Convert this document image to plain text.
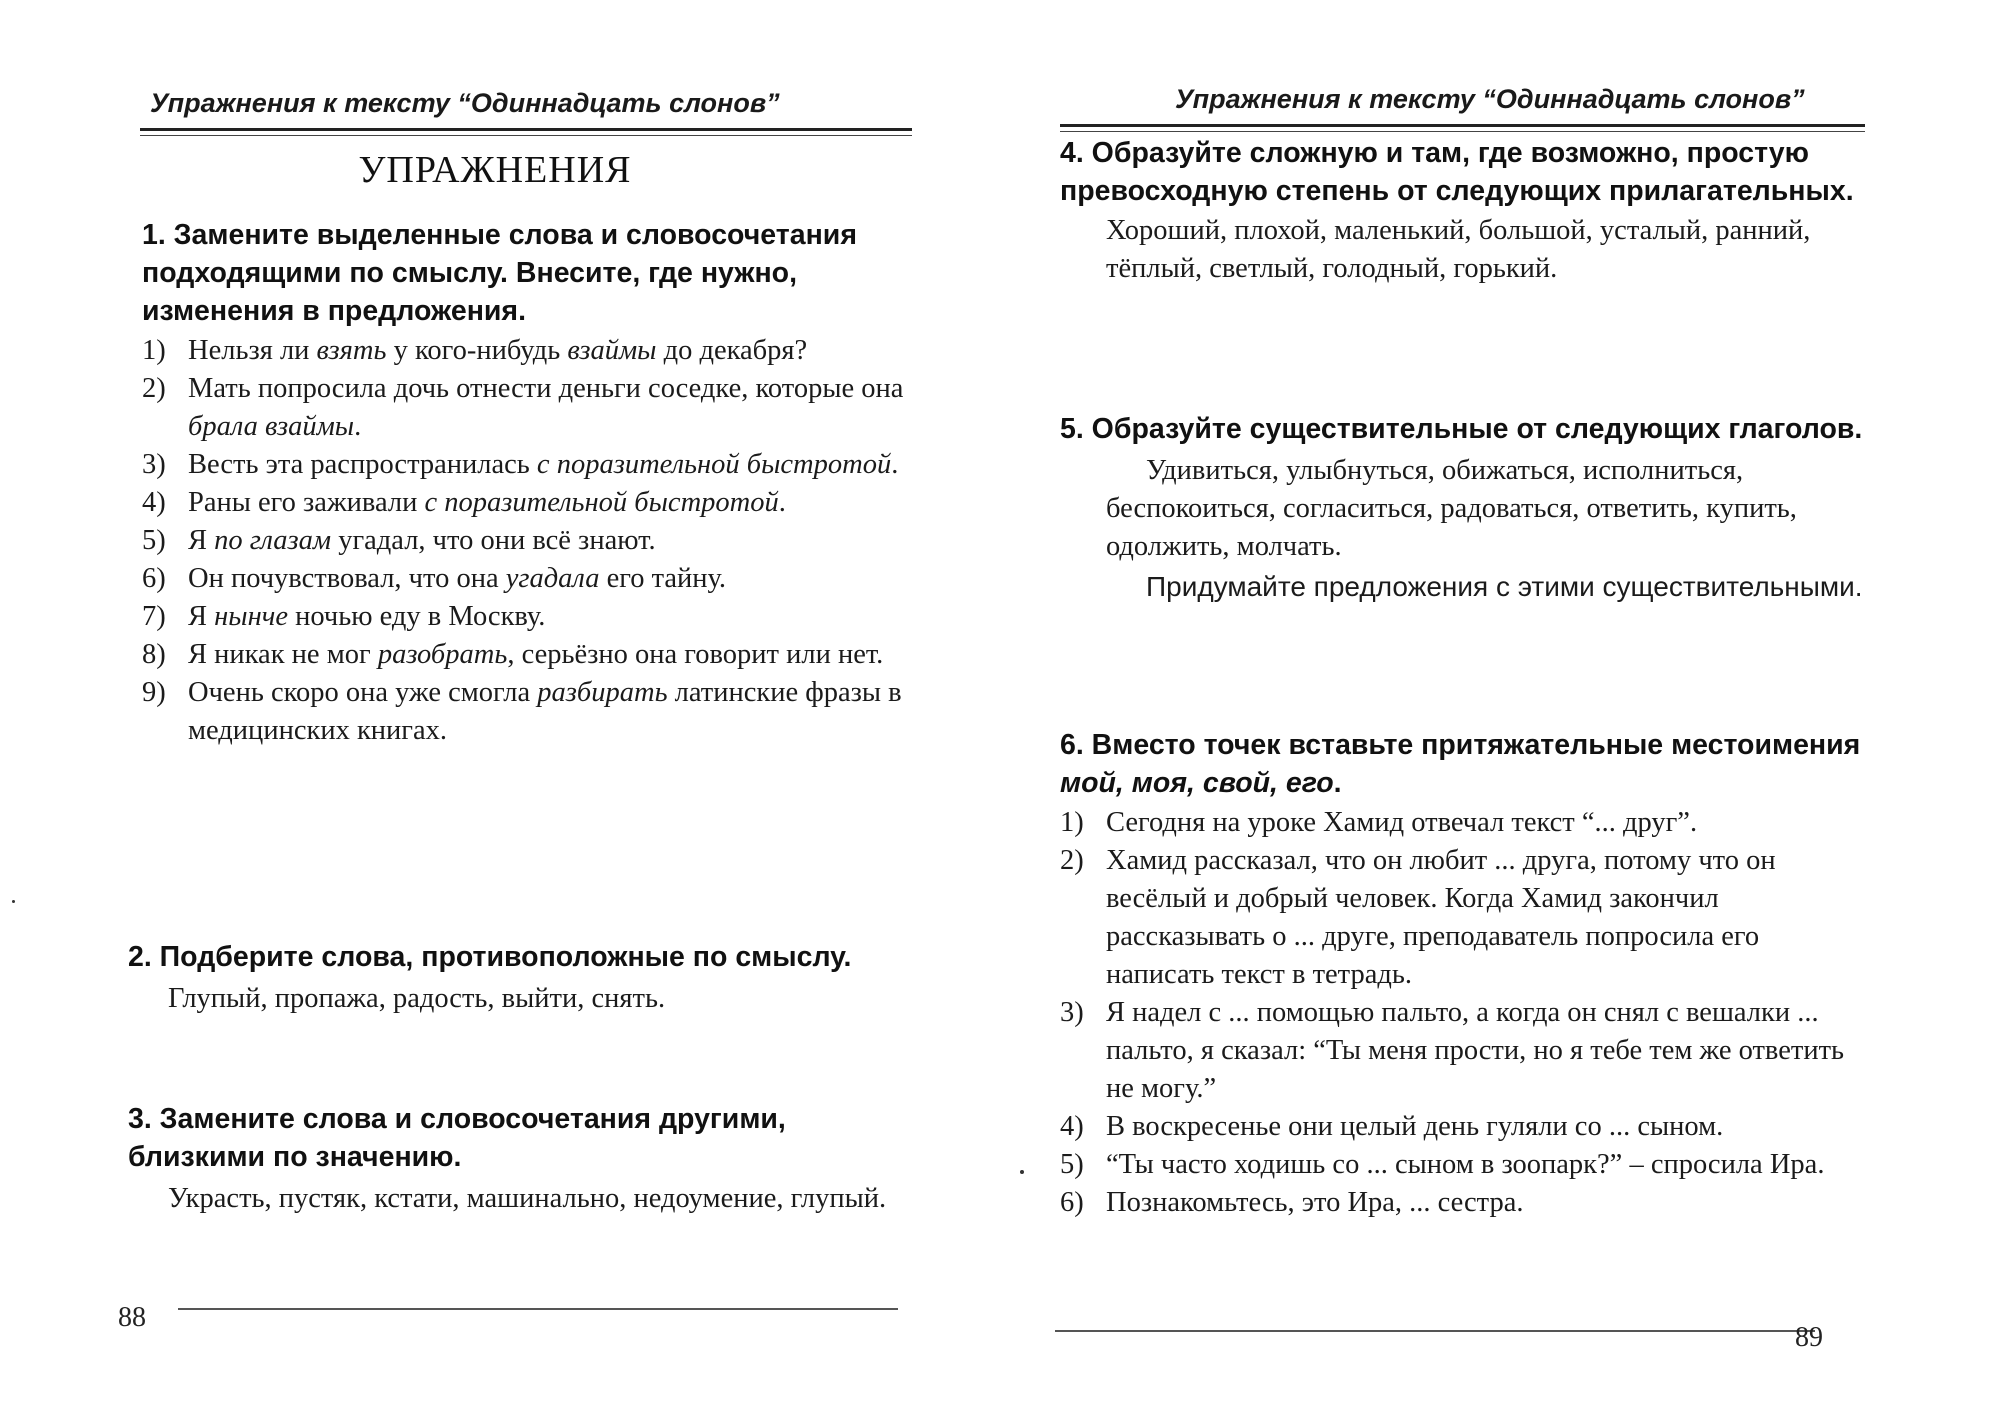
Упражнения к тексту “Одиннадцать слонов”
УПРАЖНЕНИЯ
1. Замените выделенные слова и словосочетания подходящими по смыслу. Внесите, где нужно, изменения в предложения.
1) Нельзя ли взять у кого-нибудь взаймы до декабря?
2) Мать попросила дочь отнести деньги соседке, которые она брала взаймы.
3) Весть эта распространилась с поразительной быстротой.
4) Раны его заживали с поразительной быстротой.
5) Я по глазам угадал, что они всё знают.
6) Он почувствовал, что она угадала его тайну.
7) Я нынче ночью еду в Москву.
8) Я никак не мог разобрать, серьёзно она говорит или нет.
9) Очень скоро она уже смогла разбирать латинские фразы в медицинских книгах.
2. Подберите слова, противоположные по смыслу.
Глупый, пропажа, радость, выйти, снять.
3. Замените слова и словосочетания другими, близкими по значению.
Украсть, пустяк, кстати, машинально, недоумение, глупый.
88
Упражнения к тексту “Одиннадцать слонов”
4. Образуйте сложную и там, где возможно, простую превосходную степень от следующих прилагательных.
Хороший, плохой, маленький, большой, усталый, ранний, тёплый, светлый, голодный, горький.
5. Образуйте существительные от следующих глаголов.
Удивиться, улыбнуться, обижаться, исполниться, беспокоиться, согласиться, радоваться, ответить, купить, одолжить, молчать.
Придумайте предложения с этими существительными.
6. Вместо точек вставьте притяжательные местоимения мой, моя, свой, его.
1) Сегодня на уроке Хамид отвечал текст “... друг”.
2) Хамид рассказал, что он любит ... друга, потому что он весёлый и добрый человек. Когда Хамид закончил рассказывать о ... друге, преподаватель попросила его написать текст в тетрадь.
3) Я надел с ... помощью пальто, а когда он снял с вешалки ... пальто, я сказал: “Ты меня прости, но я тебе тем же ответить не могу.”
4) В воскресенье они целый день гуляли со ... сыном.
5) “Ты часто ходишь со ... сыном в зоопарк?” – спросила Ира.
6) Познакомьтесь, это Ира, ... сестра.
89
